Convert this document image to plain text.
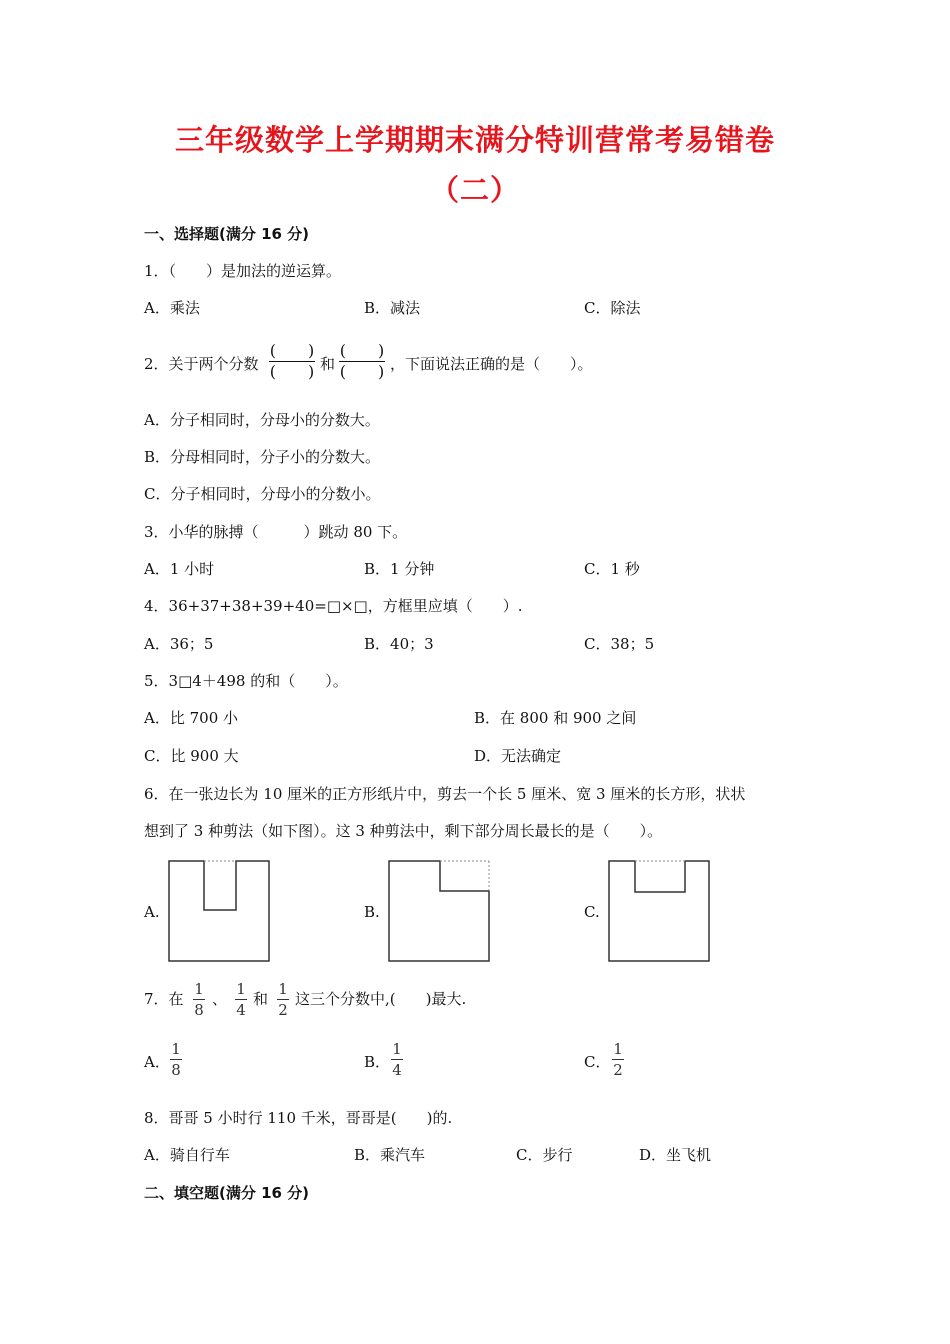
三年级数学上学期期末满分特训营常考易错卷
（二）
一、选择题(满分 16 分)
1．（　　）是加法的逆运算。
A．乘法	B．减法	C．除法
2．关于两个分数
(　　)
(　　) 和
(　　)
(　　) ，下面说法正确的是（　　）。
A．分子相同时，分母小的分数大。
B．分母相同时，分子小的分数大。
C．分子相同时，分母小的分数小。
3．小华的脉搏（　　　）跳动 80 下。
A．1 小时	B．1 分钟	C．1 秒
4．36+37+38+39+40=□×□，方框里应填（　　）.
A．36；5	B．40；3	C．38；5
5．3□4＋498 的和（　　）。
A．比 700 小	B．在 800 和 900 之间
C．比 900 大	D．无法确定
6．在一张边长为 10 厘米的正方形纸片中，剪去一个长 5 厘米、宽 3 厘米的长方形，状状
想到了 3 种剪法（如下图）。这 3 种剪法中，剩下部分周长最长的是（　　）。
A.	B.	C.
7．在
1
8
、
1
4
和
1
2
这三个分数中,(　　)最大.
A．
1
8	B．
1
4	C．
1
2
8．哥哥 5 小时行 110 千米，哥哥是(　　)的.
A．骑自行车	B．乘汽车	C．步行	D．坐飞机
二、填空题(满分 16 分)
